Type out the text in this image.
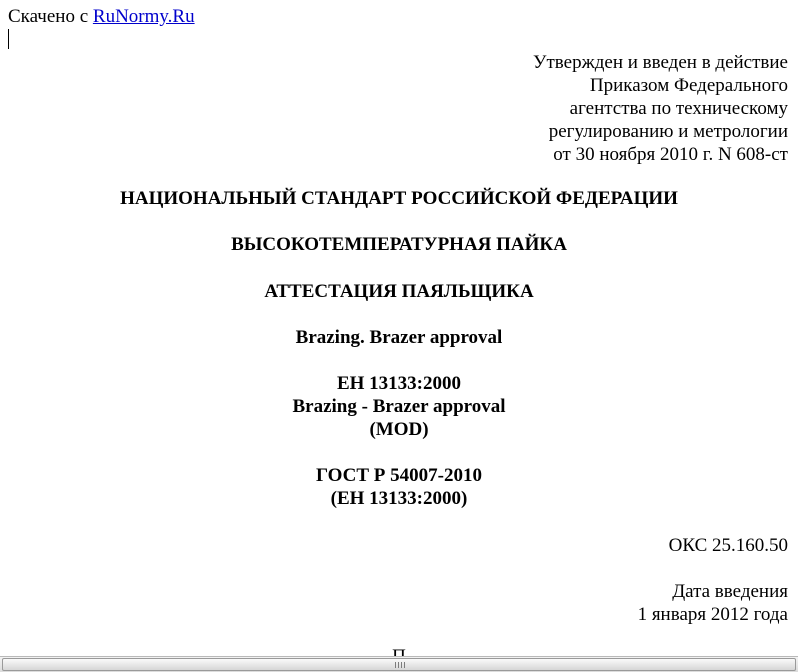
Скачено с RuNormy.Ru
Утвержден и введен в действие
Приказом Федерального
агентства по техническому
регулированию и метрологии
от 30 ноября 2010 г. N 608-ст
НАЦИОНАЛЬНЫЙ СТАНДАРТ РОССИЙСКОЙ ФЕДЕРАЦИИ
ВЫСОКОТЕМПЕРАТУРНАЯ ПАЙКА
АТТЕСТАЦИЯ ПАЯЛЬЩИКА
Brazing. Brazer approval
EH 13133:2000
Brazing - Brazer approval
(MOD)
ГОСТ Р 54007-2010
(EH 13133:2000)
ОКС 25.160.50
Дата введения
1 января 2012 года
